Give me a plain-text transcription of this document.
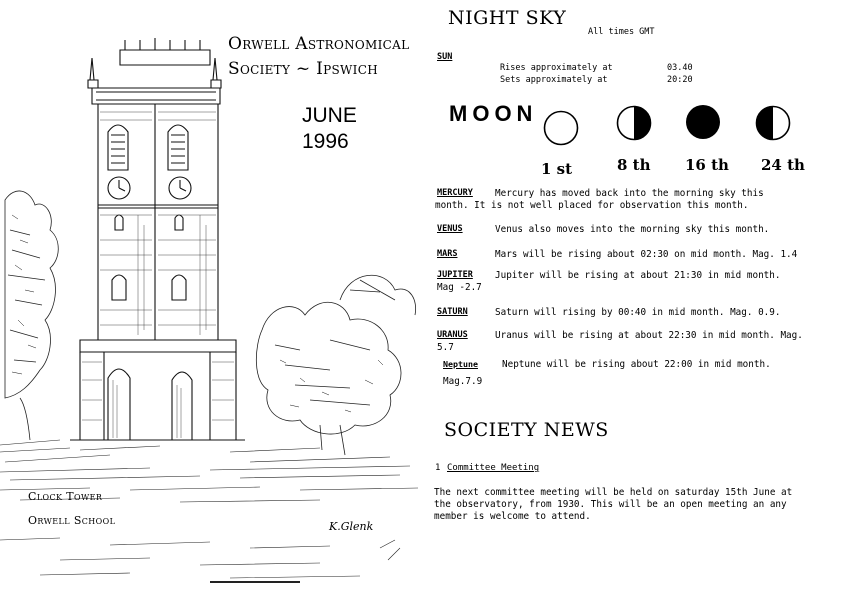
Orwell Astronomical
Society ~ Ipswich
JUNE
1996
Clock Tower
Orwell School	K.Glenk
NIGHT SKY
All times GMT
SUN
Rises approximately at	03.40
Sets approximately at	20:20
MOON
1 st	8 th 16 th 24 th
MERCURY Mercury has moved back into the morning sky this
month. It is not well placed for observation this month.
VENUS	Venus also moves into the morning sky this month.
MARS	Mars will be rising about 02:30 on mid month. Mag. 1.4
JUPITER Jupiter will be rising at about 21:30 in mid month.
Mag -2.7
SATURN	Saturn will rising by 00:40 in mid month. Mag. 0.9.
URANUS	Uranus will be rising at about 22:30 in mid month. Mag.
5.7
Neptune	Neptune will be rising about 22:00 in mid month.
Mag.7.9
SOCIETY NEWS
1 Committee Meeting
The next committee meeting will be held on saturday 15th June at
the observatory, from 1930. This will be an open meeting an any
member is welcome to attend.
